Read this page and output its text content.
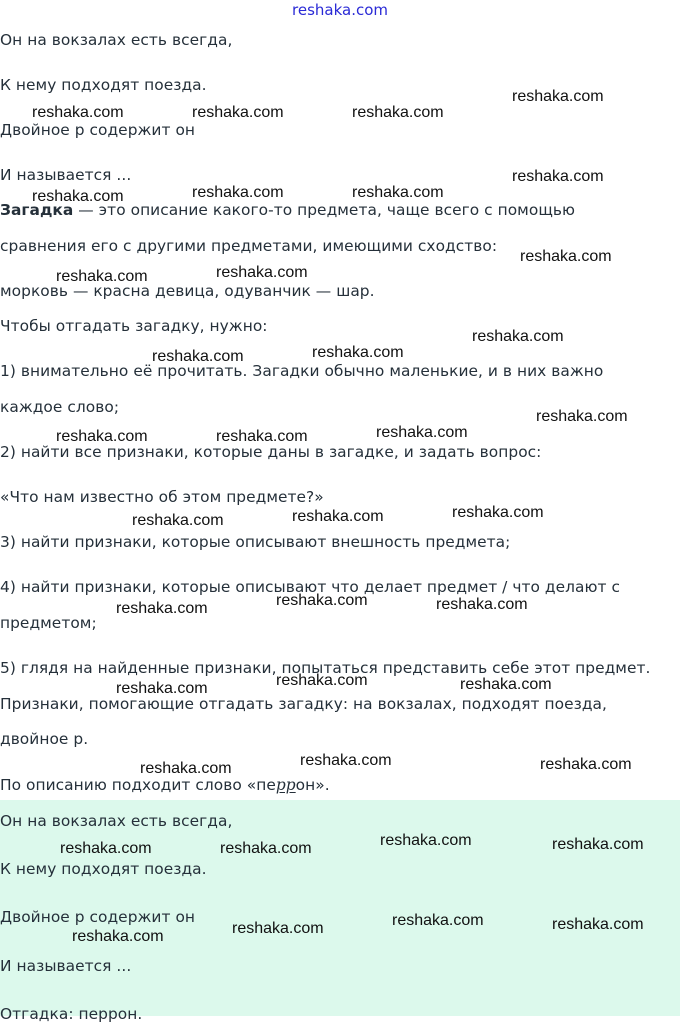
reshaka.com
Он на вокзалах есть всегда,
К нему подходят поезда.
Двойное р содержит он
И называется ...
Загадка — это описание какого-то предмета, чаще всего с помощью
сравнения его с другими предметами, имеющими сходство:
морковь — красна девица, одуванчик — шар.
Чтобы отгадать загадку, нужно:
1) внимательно её прочитать. Загадки обычно маленькие, и в них важно
каждое слово;
2) найти все признаки, которые даны в загадке, и задать вопрос:
«Что нам известно об этом предмете?»
3) найти признаки, которые описывают внешность предмета;
4) найти признаки, которые описывают что делает предмет / что делают с
предметом;
5) глядя на найденные признаки, попытаться представить себе этот предмет.
Признаки, помогающие отгадать загадку: на вокзалах, подходят поезда,
двойное р.
По описанию подходит слово «перрон».
Он на вокзалах есть всегда,
К нему подходят поезда.
Двойное р содержит он
И называется ...
Отгадка: перрон.
reshaka.com	reshaka.com	reshaka.com
reshaka.com
reshaka.com	reshaka.com	reshaka.com
reshaka.com
reshaka.com	reshaka.com
reshaka.com
reshaka.com
reshaka.com	reshaka.com
reshaka.com
reshaka.com	reshaka.com	reshaka.com
reshaka.com	reshaka.com	reshaka.com
reshaka.com	reshaka.com	reshaka.com
reshaka.com	reshaka.com	reshaka.com
reshaka.com
reshaka.com	reshaka.com
reshaka.com
reshaka.com	reshaka.com	reshaka.com
reshaka.com
reshaka.com
reshaka.com
reshaka.com
